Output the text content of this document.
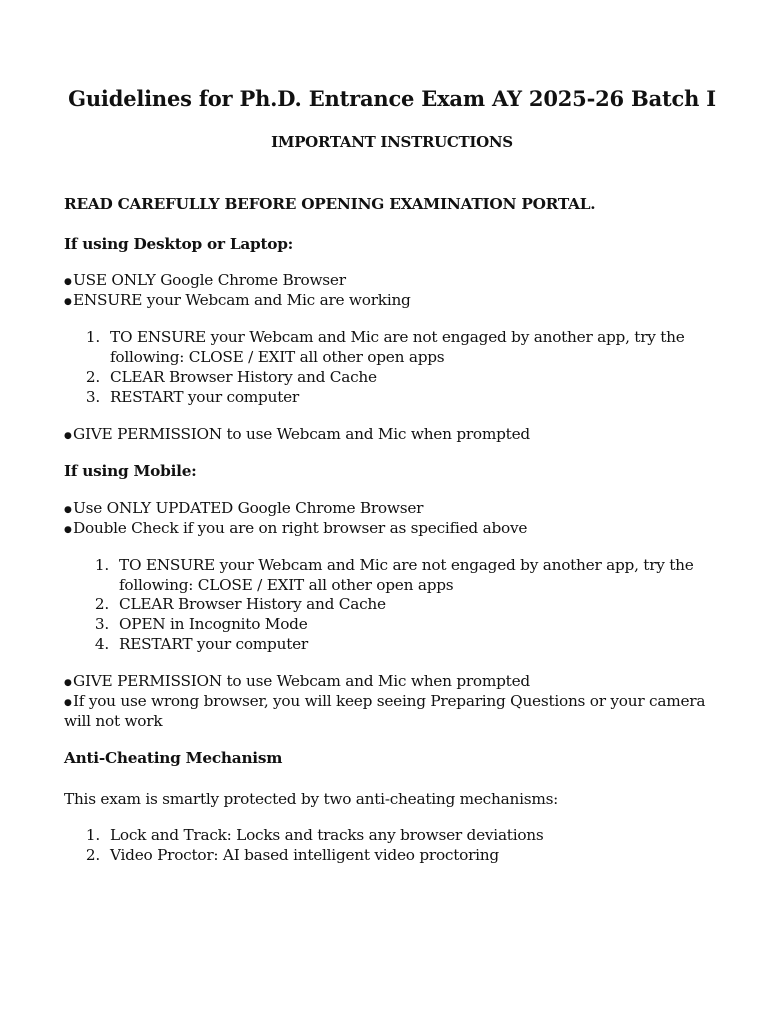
Guidelines for Ph.D. Entrance Exam AY 2025-26 Batch I
IMPORTANT INSTRUCTIONS
READ CAREFULLY BEFORE OPENING EXAMINATION PORTAL.
If using Desktop or Laptop:
●USE ONLY Google Chrome Browser
●ENSURE your Webcam and Mic are working
1. TO ENSURE your Webcam and Mic are not engaged by another app, try the
following: CLOSE / EXIT all other open apps
2. CLEAR Browser History and Cache
3. RESTART your computer
●GIVE PERMISSION to use Webcam and Mic when prompted
If using Mobile:
●Use ONLY UPDATED Google Chrome Browser
●Double Check if you are on right browser as specified above
1. TO ENSURE your Webcam and Mic are not engaged by another app, try the
following: CLOSE / EXIT all other open apps
2. CLEAR Browser History and Cache
3. OPEN in Incognito Mode
4. RESTART your computer
●GIVE PERMISSION to use Webcam and Mic when prompted
●If you use wrong browser, you will keep seeing Preparing Questions or your camera
will not work
Anti-Cheating Mechanism
This exam is smartly protected by two anti-cheating mechanisms:
1. Lock and Track: Locks and tracks any browser deviations
2. Video Proctor: AI based intelligent video proctoring
